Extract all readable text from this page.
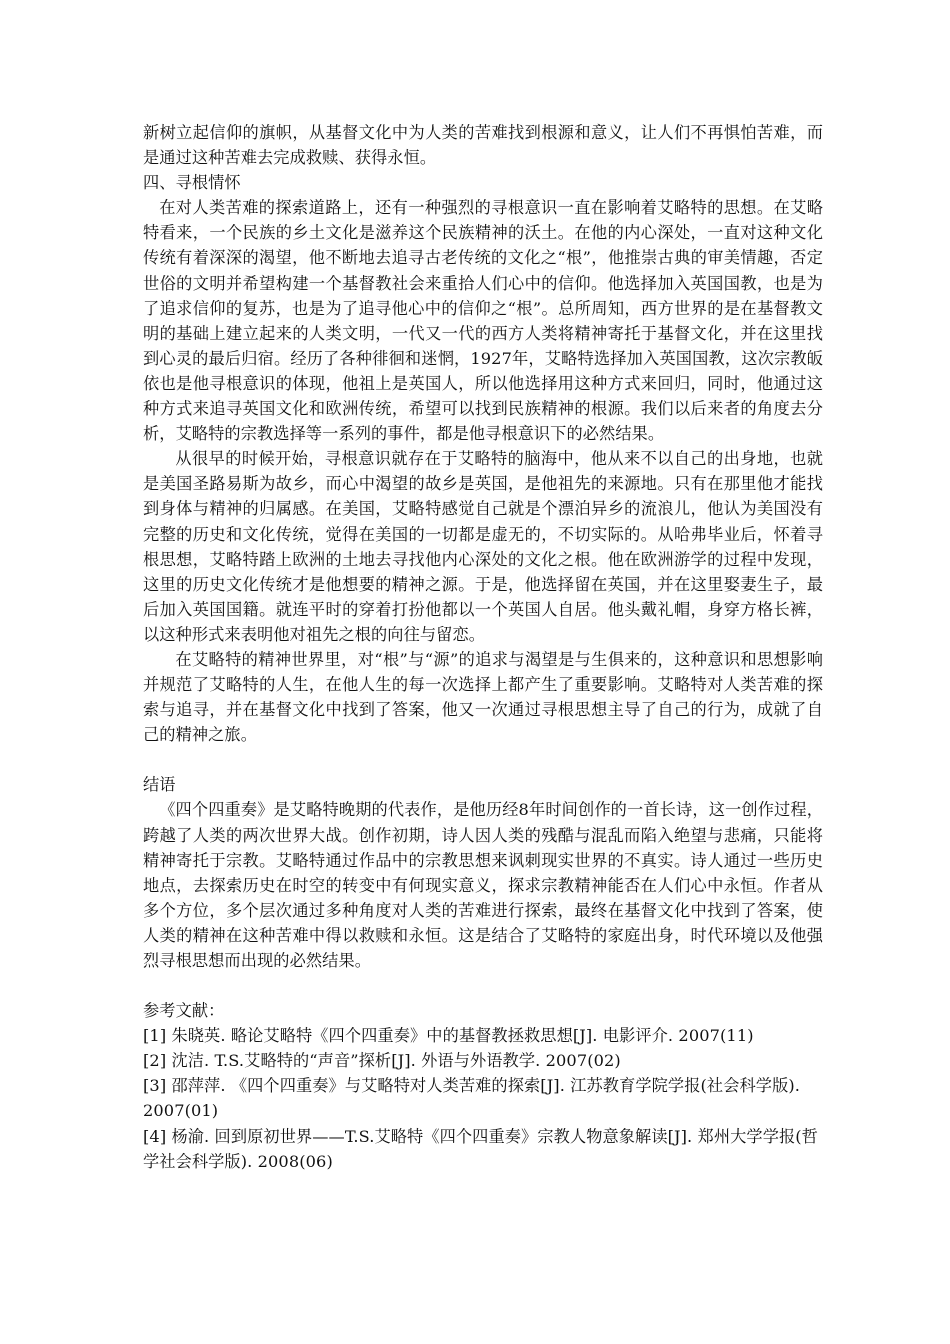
新树立起信仰的旗帜，从基督文化中为人类的苦难找到根源和意义，让人们不再惧怕苦难，而是通过这种苦难去完成救赎、获得永恒。

四、寻根情怀

在对人类苦难的探索道路上，还有一种强烈的寻根意识一直在影响着艾略特的思想。在艾略特看来，一个民族的乡土文化是滋养这个民族精神的沃土。在他的内心深处，一直对这种文化传统有着深深的渴望，他不断地去追寻古老传统的文化之“根”，他推崇古典的审美情趣，否定世俗的文明并希望构建一个基督教社会来重拾人们心中的信仰。他选择加入英国国教，也是为了追求信仰的复苏，也是为了追寻他心中的信仰之“根”。总所周知，西方世界的是在基督教文明的基础上建立起来的人类文明，一代又一代的西方人类将精神寄托于基督文化，并在这里找到心灵的最后归宿。经历了各种徘徊和迷惘，1927年，艾略特选择加入英国国教，这次宗教皈依也是他寻根意识的体现，他祖上是英国人，所以他选择用这种方式来回归，同时，他通过这种方式来追寻英国文化和欧洲传统，希望可以找到民族精神的根源。我们以后来者的角度去分析，艾略特的宗教选择等一系列的事件，都是他寻根意识下的必然结果。

从很早的时候开始，寻根意识就存在于艾略特的脑海中，他从来不以自己的出身地，也就是美国圣路易斯为故乡，而心中渴望的故乡是英国，是他祖先的来源地。只有在那里他才能找到身体与精神的归属感。在美国，艾略特感觉自己就是个漂泊异乡的流浪儿，他认为美国没有完整的历史和文化传统，觉得在美国的一切都是虚无的，不切实际的。从哈弗毕业后，怀着寻根思想，艾略特踏上欧洲的土地去寻找他内心深处的文化之根。他在欧洲游学的过程中发现，这里的历史文化传统才是他想要的精神之源。于是，他选择留在英国，并在这里娶妻生子，最后加入英国国籍。就连平时的穿着打扮他都以一个英国人自居。他头戴礼帽，身穿方格长裤，以这种形式来表明他对祖先之根的向往与留恋。

在艾略特的精神世界里，对“根”与“源”的追求与渴望是与生俱来的，这种意识和思想影响并规范了艾略特的人生，在他人生的每一次选择上都产生了重要影响。艾略特对人类苦难的探索与追寻，并在基督文化中找到了答案，他又一次通过寻根思想主导了自己的行为，成就了自己的精神之旅。

结语

《四个四重奏》是艾略特晚期的代表作，是他历经8年时间创作的一首长诗，这一创作过程，跨越了人类的两次世界大战。创作初期，诗人因人类的残酷与混乱而陷入绝望与悲痛，只能将精神寄托于宗教。艾略特通过作品中的宗教思想来讽刺现实世界的不真实。诗人通过一些历史地点，去探索历史在时空的转变中有何现实意义，探求宗教精神能否在人们心中永恒。作者从多个方位，多个层次通过多种角度对人类的苦难进行探索，最终在基督文化中找到了答案，使人类的精神在这种苦难中得以救赎和永恒。这是结合了艾略特的家庭出身，时代环境以及他强烈寻根思想而出现的必然结果。

参考文献：

[1] 朱晓英. 略论艾略特《四个四重奏》中的基督教拯救思想[J]. 电影评介. 2007(11)

[2] 沈洁. T.S.艾略特的“声音”探析[J]. 外语与外语教学. 2007(02)

[3] 邵萍萍. 《四个四重奏》与艾略特对人类苦难的探索[J]. 江苏教育学院学报(社会科学版). 2007(01)

[4] 杨渝. 回到原初世界——T.S.艾略特《四个四重奏》宗教人物意象解读[J]. 郑州大学学报(哲学社会科学版). 2008(06)
